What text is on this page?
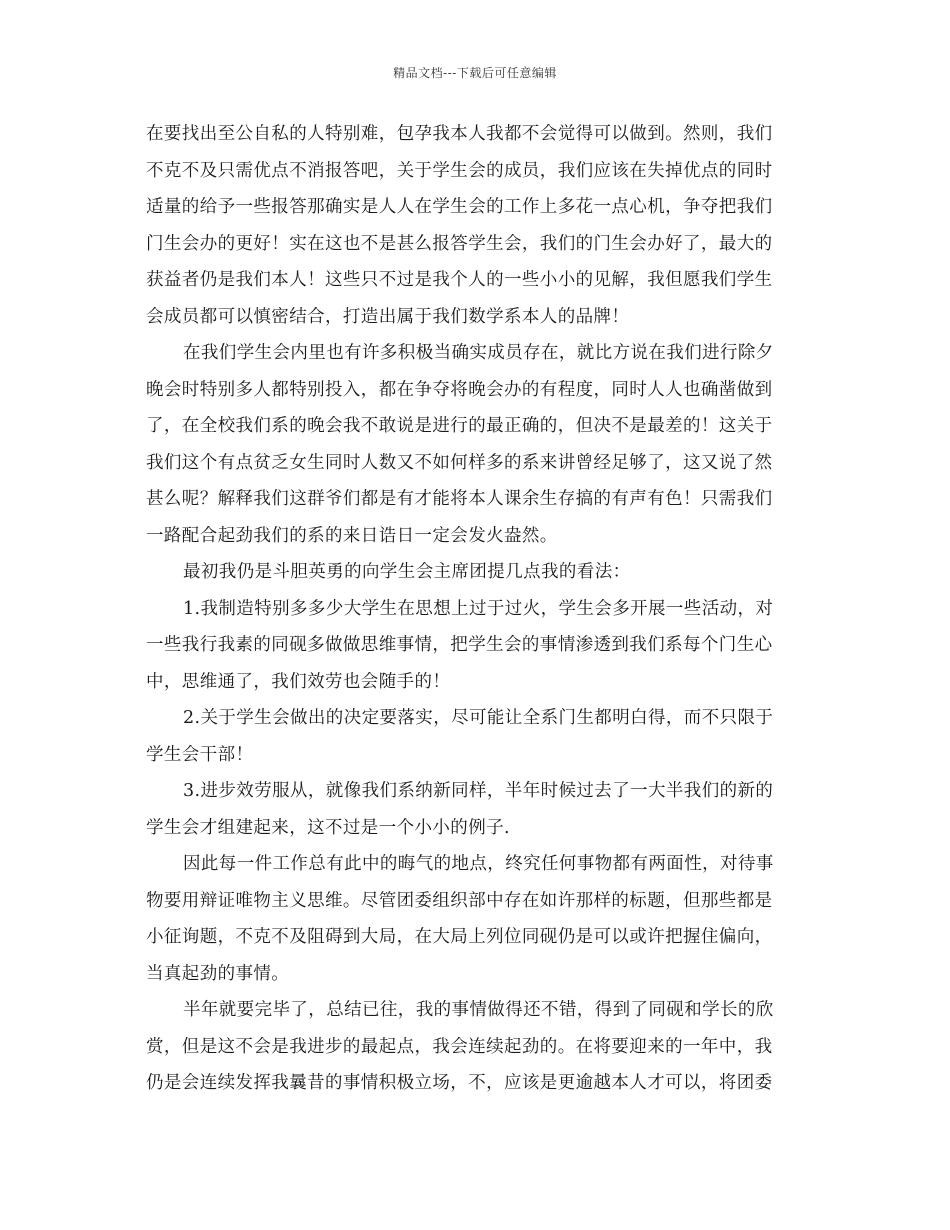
精品文档---下载后可任意编辑
在要找出至公自私的人特别难，包孕我本人我都不会觉得可以做到。然则，我们
不克不及只需优点不消报答吧，关于学生会的成员，我们应该在失掉优点的同时
适量的给予一些报答那确实是人人在学生会的工作上多花一点心机，争夺把我们
门生会办的更好！实在这也不是甚么报答学生会，我们的门生会办好了，最大的
获益者仍是我们本人！这些只不过是我个人的一些小小的见解，我但愿我们学生
会成员都可以慎密结合，打造出属于我们数学系本人的品牌！
在我们学生会内里也有许多积极当确实成员存在，就比方说在我们进行除夕
晚会时特别多人都特别投入，都在争夺将晚会办的有程度，同时人人也确凿做到
了，在全校我们系的晚会我不敢说是进行的最正确的，但决不是最差的！这关于
我们这个有点贫乏女生同时人数又不如何样多的系来讲曾经足够了，这又说了然
甚么呢？解释我们这群爷们都是有才能将本人课余生存搞的有声有色！只需我们
一路配合起劲我们的系的来日诰日一定会发火盎然。
最初我仍是斗胆英勇的向学生会主席团提几点我的看法：
1.我制造特别多多少大学生在思想上过于过火，学生会多开展一些活动，对
一些我行我素的同砚多做做思维事情，把学生会的事情渗透到我们系每个门生心
中，思维通了，我们效劳也会随手的！
2.关于学生会做出的决定要落实，尽可能让全系门生都明白得，而不只限于
学生会干部！
3.进步效劳服从，就像我们系纳新同样，半年时候过去了一大半我们的新的
学生会才组建起来，这不过是一个小小的例子.
因此每一件工作总有此中的晦气的地点，终究任何事物都有两面性，对待事
物要用辩证唯物主义思维。尽管团委组织部中存在如许那样的标题，但那些都是
小征询题，不克不及阻碍到大局，在大局上列位同砚仍是可以或许把握住偏向，
当真起劲的事情。
半年就要完毕了，总结已往，我的事情做得还不错，得到了同砚和学长的欣
赏，但是这不会是我进步的最起点，我会连续起劲的。在将要迎来的一年中，我
仍是会连续发挥我曩昔的事情积极立场，不，应该是更逾越本人才可以，将团委
